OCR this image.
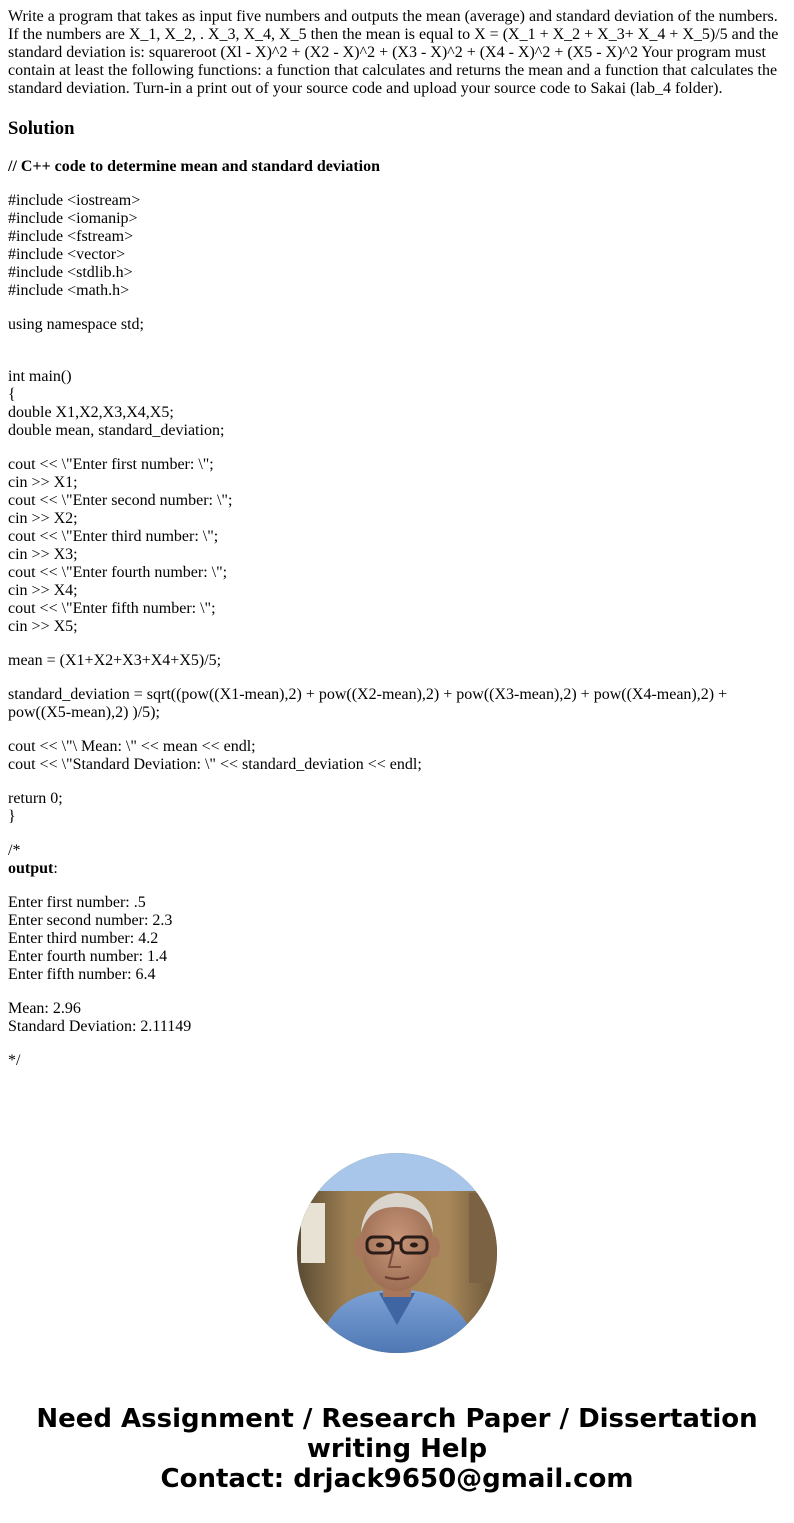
Write a program that takes as input five numbers and outputs the mean (average) and standard deviation of the numbers. If the numbers are X_1, X_2, . X_3, X_4, X_5 then the mean is equal to X = (X_1 + X_2 + X_3+ X_4 + X_5)/5 and the standard deviation is: squareroot (Xl - X)^2 + (X2 - X)^2 + (X3 - X)^2 + (X4 - X)^2 + (X5 - X)^2 Your program must contain at least the following functions: a function that calculates and returns the mean and a function that calculates the standard deviation. Turn-in a print out of your source code and upload your source code to Sakai (lab_4 folder).

Solution
// C++ code to determine mean and standard deviation
#include <iostream>
#include <iomanip>
#include <fstream>
#include <vector>
#include <stdlib.h>
#include <math.h>
using namespace std;
int main()
{
double X1,X2,X3,X4,X5;
double mean, standard_deviation;
cout << \"Enter first number: \";
cin >> X1;
cout << \"Enter second number: \";
cin >> X2;
cout << \"Enter third number: \";
cin >> X3;
cout << \"Enter fourth number: \";
cin >> X4;
cout << \"Enter fifth number: \";
cin >> X5;
mean = (X1+X2+X3+X4+X5)/5;
standard_deviation = sqrt((pow((X1-mean),2) + pow((X2-mean),2) + pow((X3-mean),2) + pow((X4-mean),2) + pow((X5-mean),2) )/5);
cout << \"\ Mean: \" << mean << endl;
cout << \"Standard Deviation: \" << standard_deviation << endl;
return 0;
}
/*
output:
Enter first number: .5
Enter second number: 2.3
Enter third number: 4.2
Enter fourth number: 1.4
Enter fifth number: 6.4
Mean: 2.96
Standard Deviation: 2.11149
*/
Need Assignment / Research Paper / Dissertation
writing Help
Contact: drjack9650@gmail.com
